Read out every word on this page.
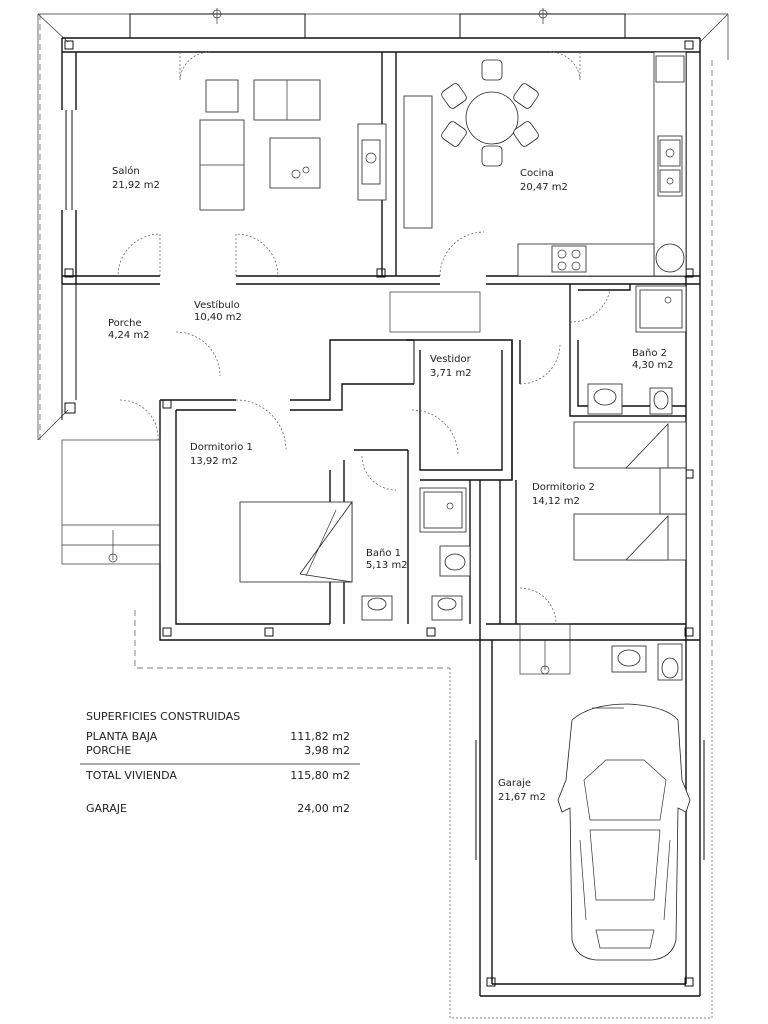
Salón
21,92 m2
Cocina
20,47 m2
Vestíbulo
10,40 m2
Porche
4,24 m2
Vestidor
3,71 m2
Baño 2
4,30 m2
Dormitorio 1
13,92 m2
Dormitorio 2
14,12 m2
Baño 1
5,13 m2
Garaje
21,67 m2
SUPERFICIES CONSTRUIDAS
PLANTA BAJA	111,82 m2
PORCHE	3,98 m2
TOTAL VIVIENDA	115,80 m2
GARAJE	24,00 m2
